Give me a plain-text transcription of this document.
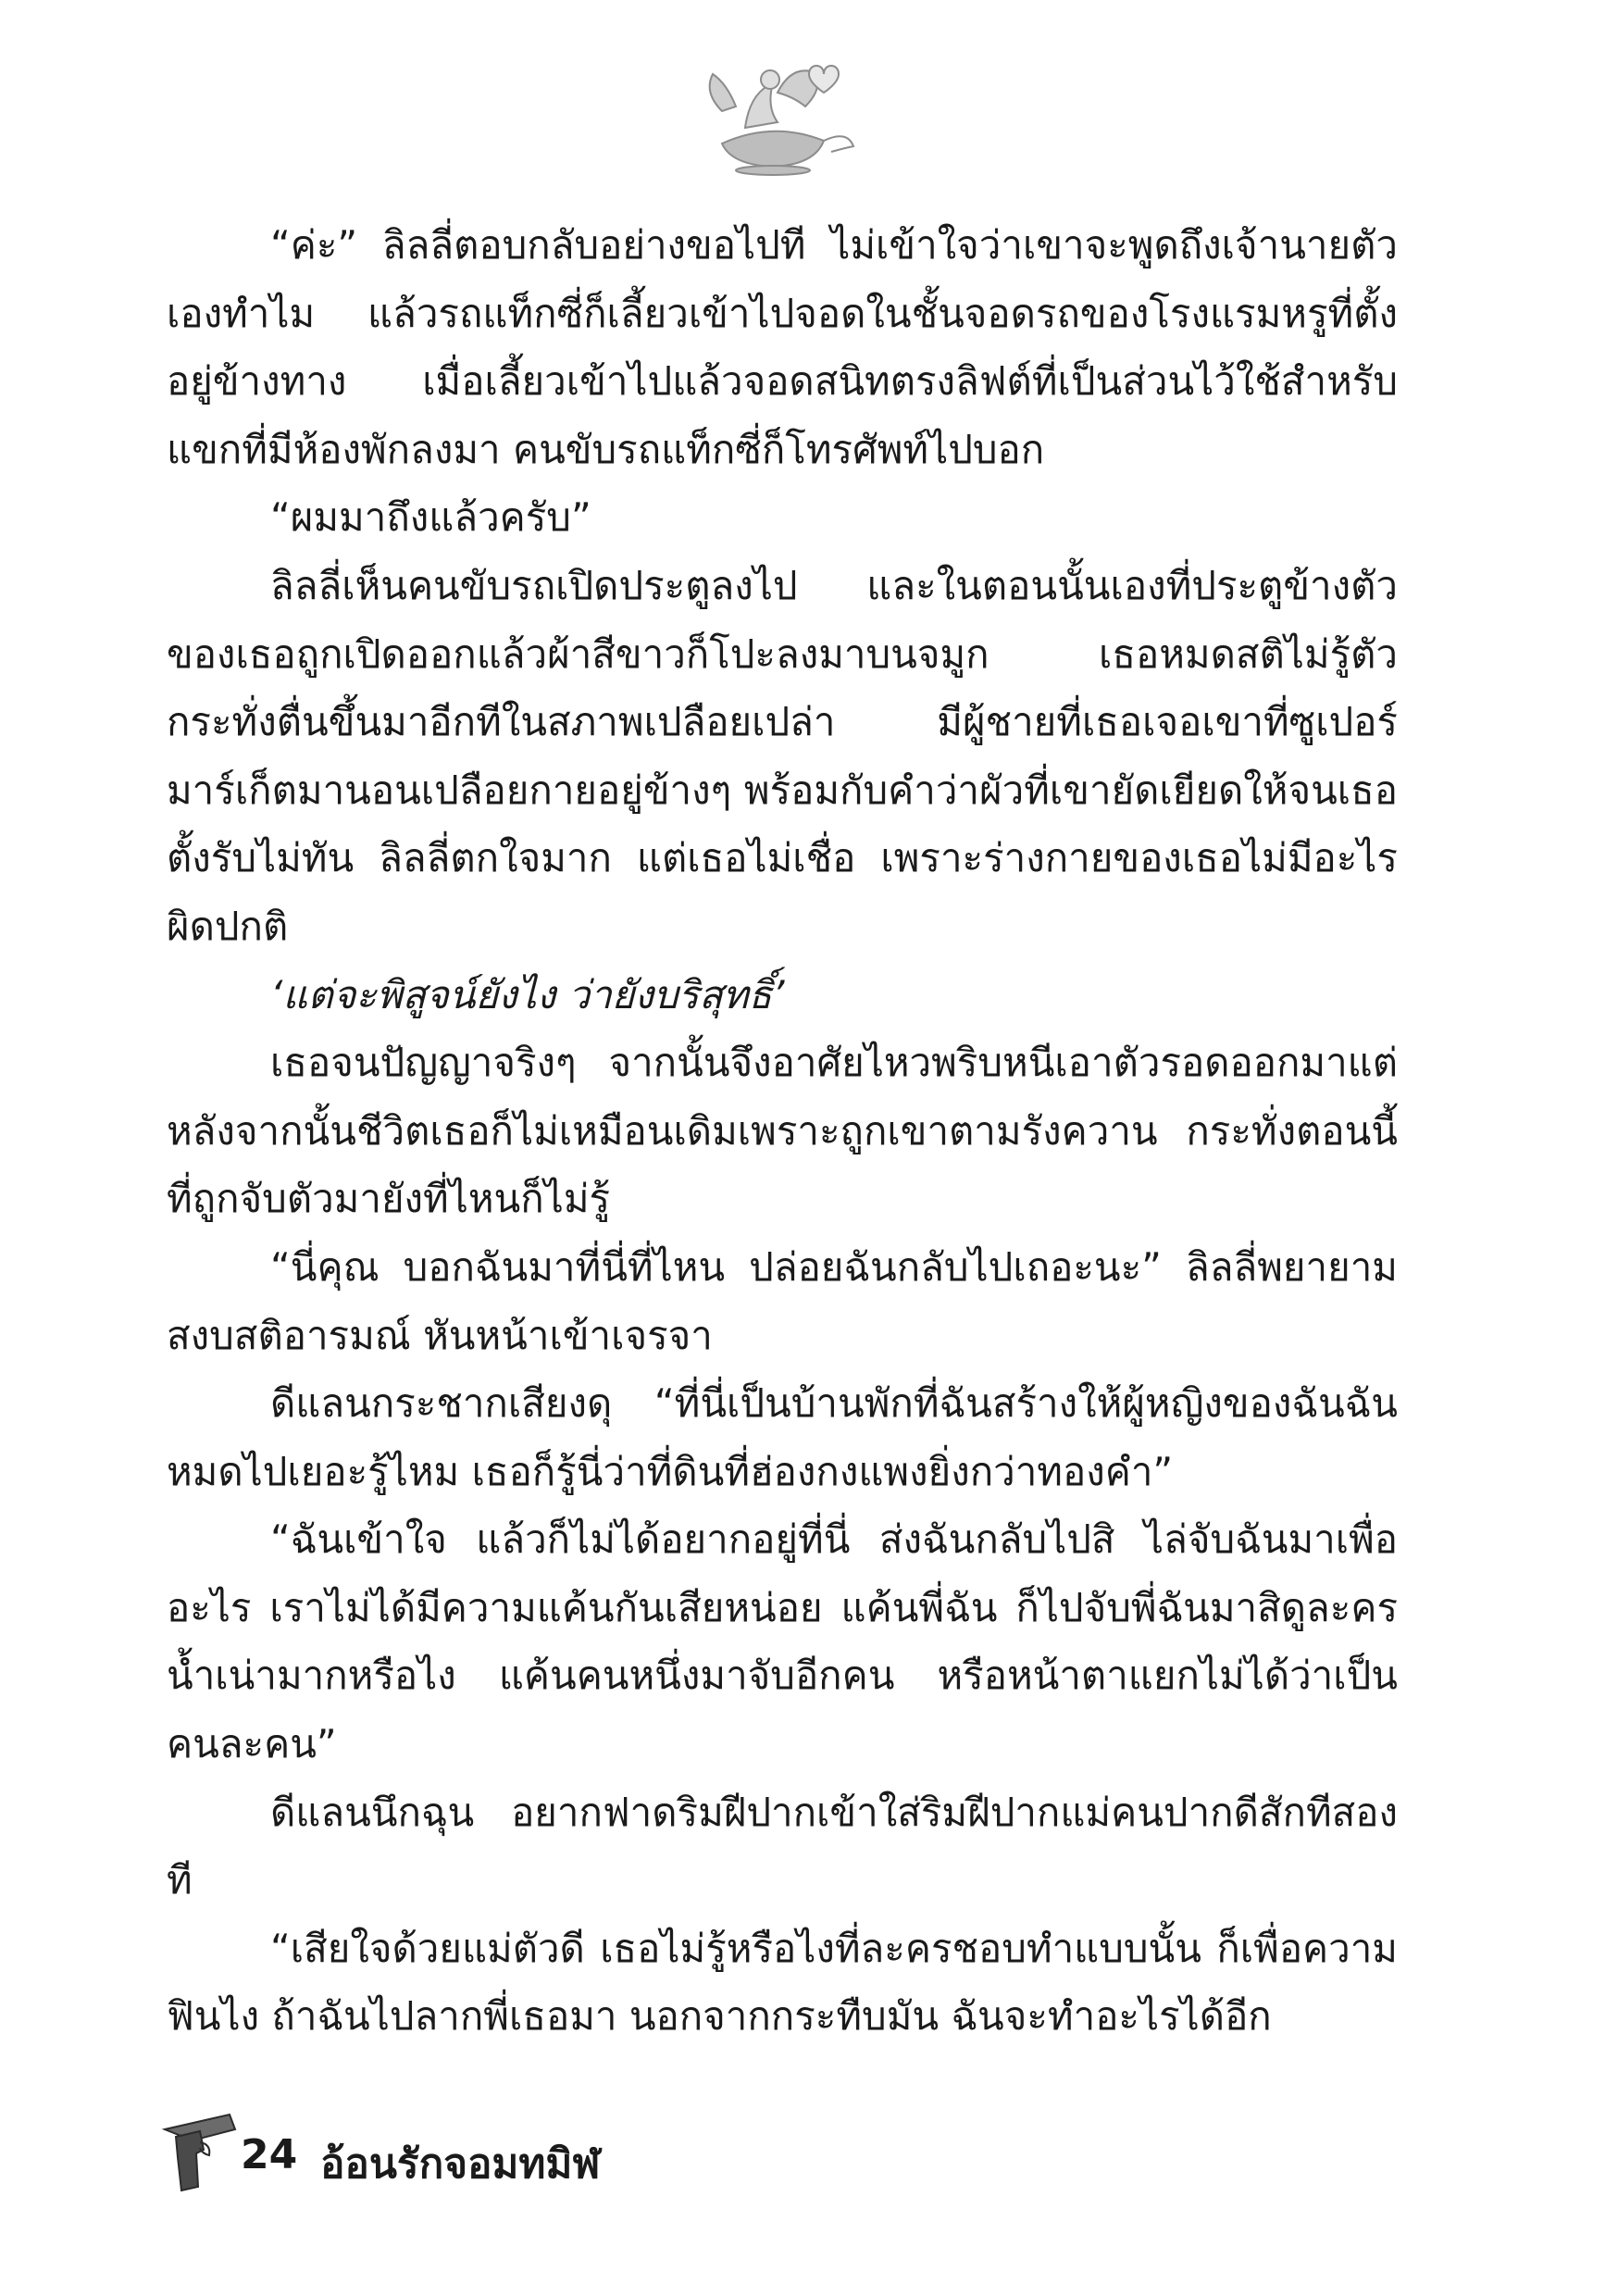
“ค่ะ” ลิลลี่ตอบกลับอย่างขอไปที ไม่เข้าใจว่าเขาจะพูดถึงเจ้านายตัวเองทำไม แล้วรถแท็กซี่ก็เลี้ยวเข้าไปจอดในชั้นจอดรถของโรงแรมหรูที่ตั้งอยู่ข้างทาง เมื่อเลี้ยวเข้าไปแล้วจอดสนิทตรงลิฟต์ที่เป็นส่วนไว้ใช้สำหรับแขกที่มีห้องพักลงมา คนขับรถแท็กซี่ก็โทรศัพท์ไปบอก

“ผมมาถึงแล้วครับ”

ลิลลี่เห็นคนขับรถเปิดประตูลงไป และในตอนนั้นเองที่ประตูข้างตัวของเธอถูกเปิดออกแล้วผ้าสีขาวก็โปะลงมาบนจมูก เธอหมดสติไม่รู้ตัวกระทั่งตื่นขึ้นมาอีกทีในสภาพเปลือยเปล่า มีผู้ชายที่เธอเจอเขาที่ซูเปอร์มาร์เก็ตมานอนเปลือยกายอยู่ข้างๆ พร้อมกับคำว่าผัวที่เขายัดเยียดให้จนเธอตั้งรับไม่ทัน ลิลลี่ตกใจมาก แต่เธอไม่เชื่อ เพราะร่างกายของเธอไม่มีอะไรผิดปกติ

‘แต่จะพิสูจน์ยังไง ว่ายังบริสุทธิ์’

เธอจนปัญญาจริงๆ จากนั้นจึงอาศัยไหวพริบหนีเอาตัวรอดออกมาแต่หลังจากนั้นชีวิตเธอก็ไม่เหมือนเดิมเพราะถูกเขาตามรังควาน กระทั่งตอนนี้ที่ถูกจับตัวมายังที่ไหนก็ไม่รู้

“นี่คุณ บอกฉันมาที่นี่ที่ไหน ปล่อยฉันกลับไปเถอะนะ” ลิลลี่พยายามสงบสติอารมณ์ หันหน้าเข้าเจรจา

ดีแลนกระชากเสียงดุ “ที่นี่เป็นบ้านพักที่ฉันสร้างให้ผู้หญิงของฉันฉันหมดไปเยอะรู้ไหม เธอก็รู้นี่ว่าที่ดินที่ฮ่องกงแพงยิ่งกว่าทองคำ”

“ฉันเข้าใจ แล้วก็ไม่ได้อยากอยู่ที่นี่ ส่งฉันกลับไปสิ ไล่จับฉันมาเพื่ออะไร เราไม่ได้มีความแค้นกันเสียหน่อย แค้นพี่ฉัน ก็ไปจับพี่ฉันมาสิดูละครน้ำเน่ามากหรือไง แค้นคนหนึ่งมาจับอีกคน หรือหน้าตาแยกไม่ได้ว่าเป็นคนละคน”

ดีแลนนึกฉุน อยากฟาดริมฝีปากเข้าใส่ริมฝีปากแม่คนปากดีสักทีสองที

“เสียใจด้วยแม่ตัวดี เธอไม่รู้หรือไงที่ละครชอบทำแบบนั้น ก็เพื่อความฟินไง ถ้าฉันไปลากพี่เธอมา นอกจากกระทืบมัน ฉันจะทำอะไรได้อีก

24 อ้อนรักจอมทมิฬ
